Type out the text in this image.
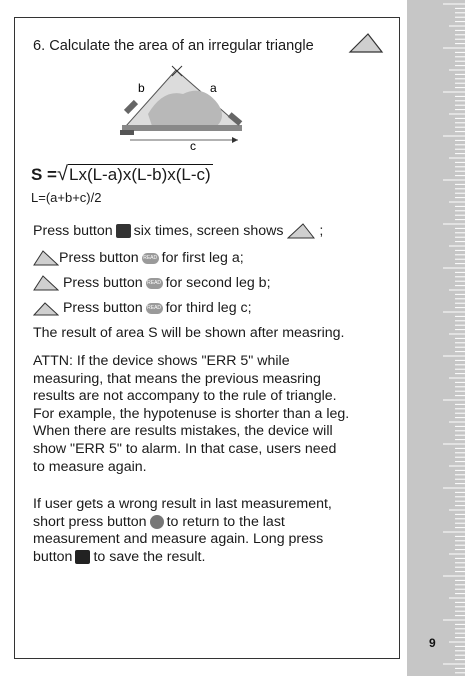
9
6. Calculate the area of an irregular triangle
b	a
c
S =√Lx(L-a)x(L-b)x(L-c)
L=(a+b+c)/2
Press button six times, screen shows	;
Press button READ for first leg a;
Press button READ for second leg b;
Press button READ for third leg c;
The result of area S will be shown after measring.

ATTN: If the device shows "ERR 5" while

measuring, that means the previous measring

results are not accompany to the rule of triangle.

For example, the hypotenuse is shorter than a leg.

When there are results mistakes, the device will

show "ERR 5" to alarm. In that case, users need

to measure again.

If user gets a wrong result in last measurement,

short press button to return to the last

measurement and measure again. Long press

button to save the result.
